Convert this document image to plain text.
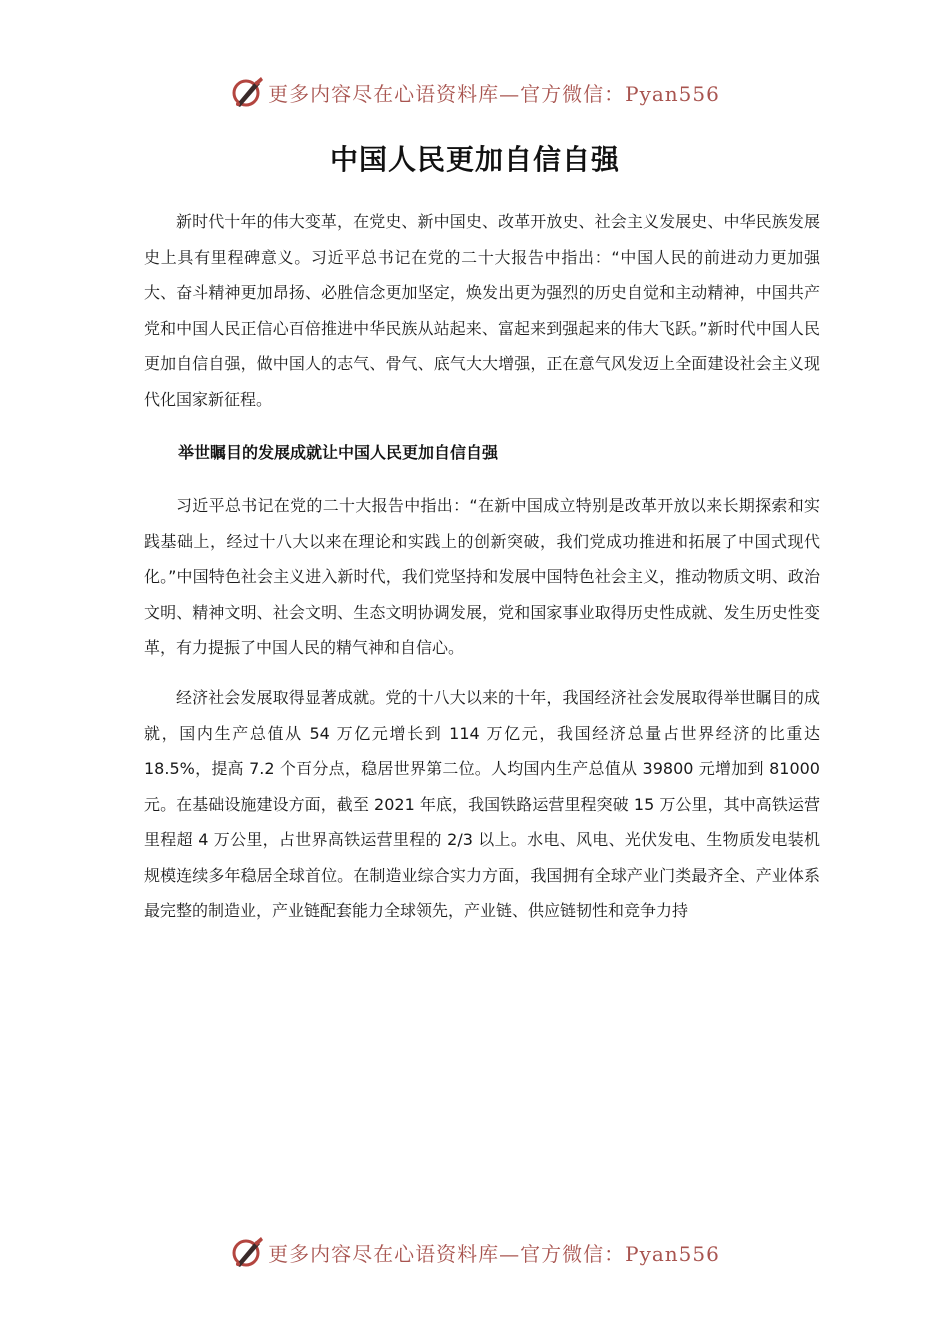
更多内容尽在心语资料库—官方微信：Pyan556
中国人民更加自信自强

新时代十年的伟大变革，在党史、新中国史、改革开放史、社会主义发展史、中华民族发展史上具有里程碑意义。习近平总书记在党的二十大报告中指出：“中国人民的前进动力更加强大、奋斗精神更加昂扬、必胜信念更加坚定，焕发出更为强烈的历史自觉和主动精神，中国共产党和中国人民正信心百倍推进中华民族从站起来、富起来到强起来的伟大飞跃。”新时代中国人民更加自信自强，做中国人的志气、骨气、底气大大增强，正在意气风发迈上全面建设社会主义现代化国家新征程。

举世瞩目的发展成就让中国人民更加自信自强

习近平总书记在党的二十大报告中指出：“在新中国成立特别是改革开放以来长期探索和实践基础上，经过十八大以来在理论和实践上的创新突破，我们党成功推进和拓展了中国式现代化。”中国特色社会主义进入新时代，我们党坚持和发展中国特色社会主义，推动物质文明、政治文明、精神文明、社会文明、生态文明协调发展，党和国家事业取得历史性成就、发生历史性变革，有力提振了中国人民的精气神和自信心。

经济社会发展取得显著成就。党的十八大以来的十年，我国经济社会发展取得举世瞩目的成就，国内生产总值从 54 万亿元增长到 114 万亿元，我国经济总量占世界经济的比重达 18.5%，提高 7.2 个百分点，稳居世界第二位。人均国内生产总值从 39800 元增加到 81000 元。在基础设施建设方面，截至 2021 年底，我国铁路运营里程突破 15 万公里，其中高铁运营里程超 4 万公里，占世界高铁运营里程的 2/3 以上。水电、风电、光伏发电、生物质发电装机规模连续多年稳居全球首位。在制造业综合实力方面，我国拥有全球产业门类最齐全、产业体系最完整的制造业，产业链配套能力全球领先，产业链、供应链韧性和竞争力持

更多内容尽在心语资料库—官方微信：Pyan556
